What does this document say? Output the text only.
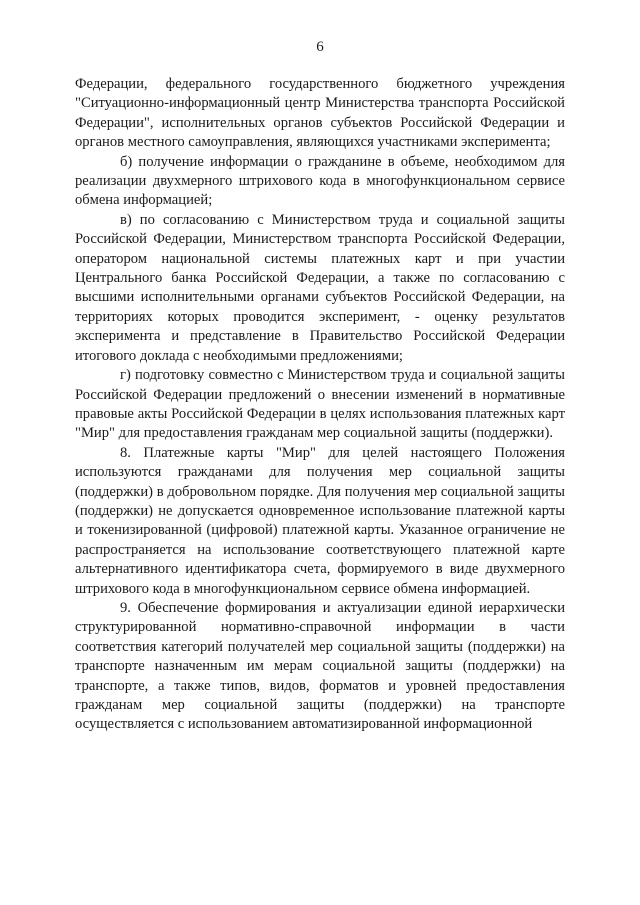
6

Федерации, федерального государственного бюджетного учреждения "Ситуационно-информационный центр Министерства транспорта Российской Федерации", исполнительных органов субъектов Российской Федерации и органов местного самоуправления, являющихся участниками эксперимента;

б) получение информации о гражданине в объеме, необходимом для реализации двухмерного штрихового кода в многофункциональном сервисе обмена информацией;

в) по согласованию с Министерством труда и социальной защиты Российской Федерации, Министерством транспорта Российской Федерации, оператором национальной системы платежных карт и при участии Центрального банка Российской Федерации, а также по согласованию с высшими исполнительными органами субъектов Российской Федерации, на территориях которых проводится эксперимент, - оценку результатов эксперимента и представление в Правительство Российской Федерации итогового доклада с необходимыми предложениями;

г) подготовку совместно с Министерством труда и социальной защиты Российской Федерации предложений о внесении изменений в нормативные правовые акты Российской Федерации в целях использования платежных карт "Мир" для предоставления гражданам мер социальной защиты (поддержки).

8. Платежные карты "Мир" для целей настоящего Положения используются гражданами для получения мер социальной защиты (поддержки) в добровольном порядке. Для получения мер социальной защиты (поддержки) не допускается одновременное использование платежной карты и токенизированной (цифровой) платежной карты. Указанное ограничение не распространяется на использование соответствующего платежной карте альтернативного идентификатора счета, формируемого в виде двухмерного штрихового кода в многофункциональном сервисе обмена информацией.

9. Обеспечение формирования и актуализации единой иерархически структурированной нормативно-справочной информации в части соответствия категорий получателей мер социальной защиты (поддержки) на транспорте назначенным им мерам социальной защиты (поддержки) на транспорте, а также типов, видов, форматов и уровней предоставления гражданам мер социальной защиты (поддержки) на транспорте осуществляется с использованием автоматизированной информационной
